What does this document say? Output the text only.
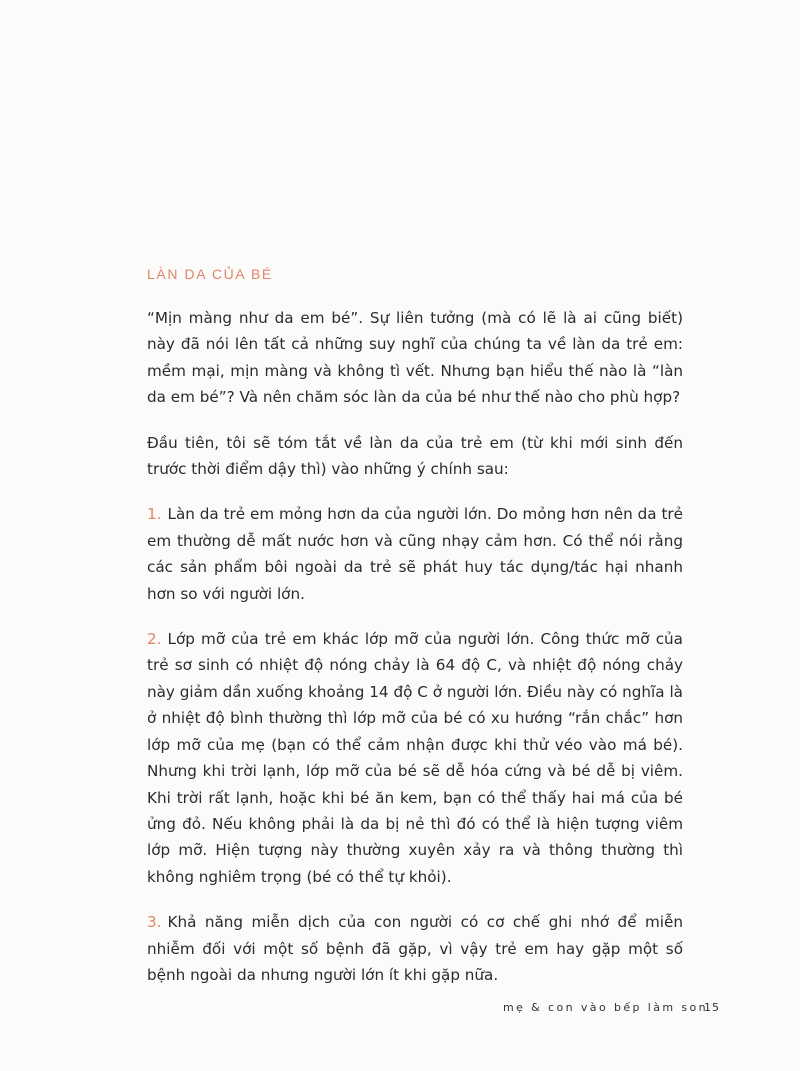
LÀN DA CỦA BÉ

“Mịn màng như da em bé”. Sự liên tưởng (mà có lẽ là ai cũng biết) này đã nói lên tất cả những suy nghĩ của chúng ta về làn da trẻ em: mềm mại, mịn màng và không tì vết. Nhưng bạn hiểu thế nào là “làn da em bé”? Và nên chăm sóc làn da của bé như thế nào cho phù hợp?

Đầu tiên, tôi sẽ tóm tắt về làn da của trẻ em (từ khi mới sinh đến trước thời điểm dậy thì) vào những ý chính sau:

1. Làn da trẻ em mỏng hơn da của người lớn. Do mỏng hơn nên da trẻ em thường dễ mất nước hơn và cũng nhạy cảm hơn. Có thể nói rằng các sản phẩm bôi ngoài da trẻ sẽ phát huy tác dụng/tác hại nhanh hơn so với người lớn.

2. Lớp mỡ của trẻ em khác lớp mỡ của người lớn. Công thức mỡ của trẻ sơ sinh có nhiệt độ nóng chảy là 64 độ C, và nhiệt độ nóng chảy này giảm dần xuống khoảng 14 độ C ở người lớn. Điều này có nghĩa là ở nhiệt độ bình thường thì lớp mỡ của bé có xu hướng “rắn chắc” hơn lớp mỡ của mẹ (bạn có thể cảm nhận được khi thử véo vào má bé). Nhưng khi trời lạnh, lớp mỡ của bé sẽ dễ hóa cứng và bé dễ bị viêm. Khi trời rất lạnh, hoặc khi bé ăn kem, bạn có thể thấy hai má của bé ửng đỏ. Nếu không phải là da bị nẻ thì đó có thể là hiện tượng viêm lớp mỡ. Hiện tượng này thường xuyên xảy ra và thông thường thì không nghiêm trọng (bé có thể tự khỏi).

3. Khả năng miễn dịch của con người có cơ chế ghi nhớ để miễn nhiễm đối với một số bệnh đã gặp, vì vậy trẻ em hay gặp một số bệnh ngoài da nhưng người lớn ít khi gặp nữa.

mẹ & con vào bếp làm son
15
